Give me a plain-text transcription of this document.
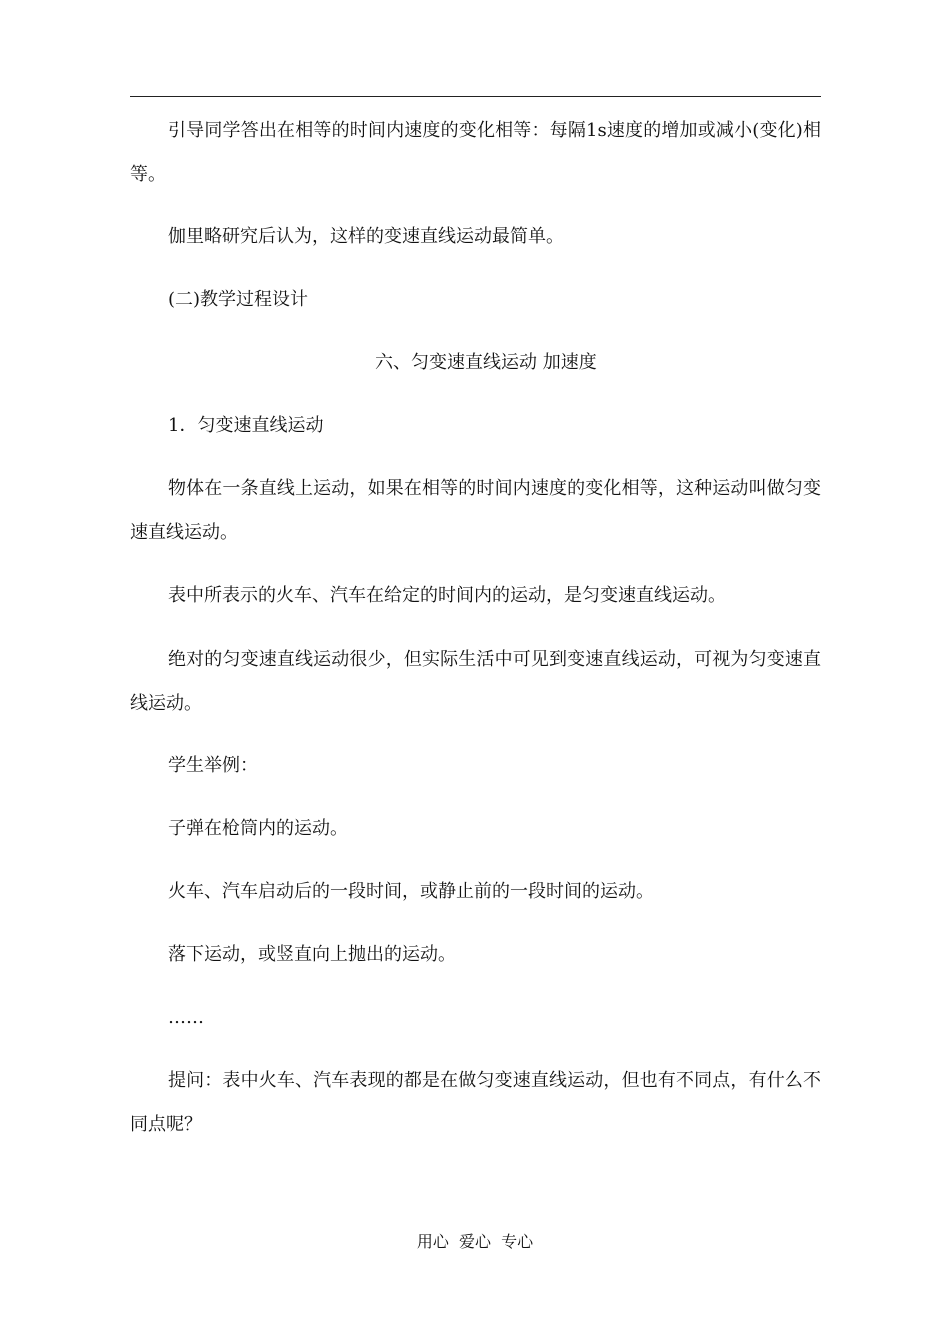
引导同学答出在相等的时间内速度的变化相等：每隔1s速度的增加或减小(变化)相等。
伽里略研究后认为，这样的变速直线运动最简单。
(二)教学过程设计
六、匀变速直线运动 加速度
1．匀变速直线运动
物体在一条直线上运动，如果在相等的时间内速度的变化相等，这种运动叫做匀变速直线运动。
表中所表示的火车、汽车在给定的时间内的运动，是匀变速直线运动。
绝对的匀变速直线运动很少，但实际生活中可见到变速直线运动，可视为匀变速直线运动。
学生举例：
子弹在枪筒内的运动。
火车、汽车启动后的一段时间，或静止前的一段时间的运动。
落下运动，或竖直向上抛出的运动。
……
提问：表中火车、汽车表现的都是在做匀变速直线运动，但也有不同点，有什么不同点呢？
用心  爱心  专心
